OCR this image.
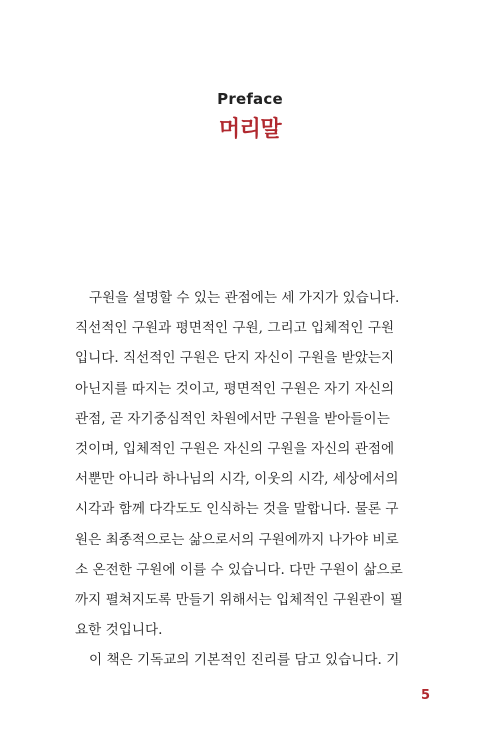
Preface
머리말
구원을 설명할 수 있는 관점에는 세 가지가 있습니다.
직선적인 구원과 평면적인 구원, 그리고 입체적인 구원
입니다. 직선적인 구원은 단지 자신이 구원을 받았는지
아닌지를 따지는 것이고, 평면적인 구원은 자기 자신의
관점, 곧 자기중심적인 차원에서만 구원을 받아들이는
것이며, 입체적인 구원은 자신의 구원을 자신의 관점에
서뿐만 아니라 하나님의 시각, 이웃의 시각, 세상에서의
시각과 함께 다각도도 인식하는 것을 말합니다. 물론 구
원은 최종적으로는 삶으로서의 구원에까지 나가야 비로
소 온전한 구원에 이를 수 있습니다. 다만 구원이 삶으로
까지 펼쳐지도록 만들기 위해서는 입체적인 구원관이 필
요한 것입니다.
이 책은 기독교의 기본적인 진리를 담고 있습니다. 기
5
